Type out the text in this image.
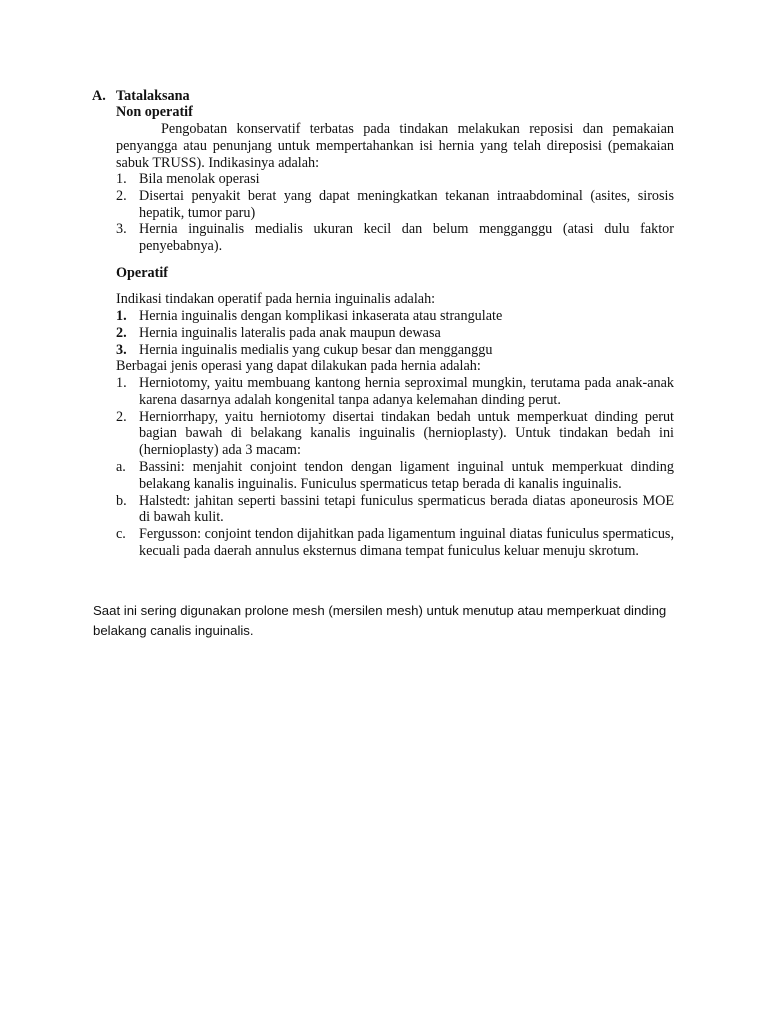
A. Tatalaksana
Non operatif
Pengobatan konservatif terbatas pada tindakan melakukan reposisi dan pemakaian penyangga atau penunjang untuk mempertahankan isi hernia yang telah direposisi (pemakaian sabuk TRUSS). Indikasinya adalah:
1. Bila menolak operasi
2. Disertai penyakit berat yang dapat meningkatkan tekanan intraabdominal (asites, sirosis hepatik, tumor paru)
3. Hernia inguinalis medialis ukuran kecil dan belum mengganggu (atasi dulu faktor penyebabnya).
Operatif
Indikasi tindakan operatif pada hernia inguinalis adalah:
1. Hernia inguinalis dengan komplikasi inkaserata atau strangulate
2. Hernia inguinalis lateralis pada anak maupun dewasa
3. Hernia inguinalis medialis yang cukup besar dan mengganggu
Berbagai jenis operasi yang dapat dilakukan pada hernia adalah:
1. Herniotomy, yaitu membuang kantong hernia seproximal mungkin, terutama pada anak-anak karena dasarnya adalah kongenital tanpa adanya kelemahan dinding perut.
2. Herniorrhapy, yaitu herniotomy disertai tindakan bedah untuk memperkuat dinding perut bagian bawah di belakang kanalis inguinalis (hernioplasty). Untuk tindakan bedah ini (hernioplasty) ada 3 macam:
a. Bassini: menjahit conjoint tendon dengan ligament inguinal untuk memperkuat dinding belakang kanalis inguinalis. Funiculus spermaticus tetap berada di kanalis inguinalis.
b. Halstedt: jahitan seperti bassini tetapi funiculus spermaticus berada diatas aponeurosis MOE di bawah kulit.
c. Fergusson: conjoint tendon dijahitkan pada ligamentum inguinal diatas funiculus spermaticus, kecuali pada daerah annulus eksternus dimana tempat funiculus keluar menuju skrotum.
Saat ini sering digunakan prolone mesh (mersilen mesh) untuk menutup atau memperkuat dinding belakang canalis inguinalis.
